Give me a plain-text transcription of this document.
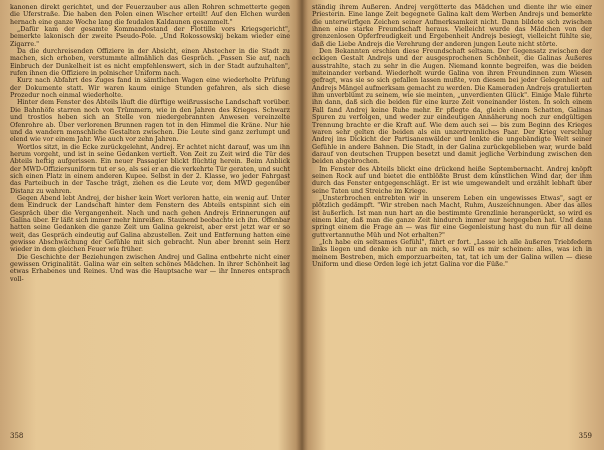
kanonen direkt gerichtet, und der Feuerzauber aus allen Rohren schmetterte gegen die Uferstraße. Die haben den Polen einen Wischer erteilt! Auf den Elchen wurden hernach eine ganze Woche lang die feudalen Kaldaunen gesammelt."

„Dafür kam der gesamte Kommandostand der Flottille vors Kriegsgericht", bemerkte lakonisch der zweite Pseudo-Pole. „Und Rokossowskij bekam wieder eine Zigarre."

Da die durchreisenden Offiziere in der Absicht, einen Abstecher in die Stadt zu machen, sich erhoben, verstummte allmählich das Gespräch. „Passen Sie auf, nach Einbruch der Dunkelheit ist es nicht empfehlenswert, sich in der Stadt aufzuhalten", rufen ihnen die Offiziere in polnischer Uniform nach.

Kurz nach Abfahrt des Zuges fand in sämtlichen Wagen eine wiederholte Prüfung der Dokumente statt. Wir waren kaum einige Stunden gefahren, als sich diese Prozedur noch einmal wiederholte.

Hinter dem Fenster des Abteils läuft die dürftige weißrussische Landschaft vorüber. Die Bahnhöfe starren noch von Trümmern, wie in den Jahren des Krieges. Schwarz und trostlos heben sich an Stelle von niedergebrannten Anwesen vereinzelte Ofenrohre ab. Über verlorenen Brunnen ragen tot in den Himmel die Kräne. Nur hie und da wandern menschliche Gestalten zwischen. Die Leute sind ganz zerlumpt und elend wie vor einem Jahr. Wie auch vor zehn Jahren.

Wortlos sitzt, in die Ecke zurückgelehnt, Andrej. Er achtet nicht darauf, was um ihn herum vorgeht, und ist in seine Gedanken vertieft. Von Zeit zu Zeit wird die Tür des Abteils heftig aufgerissen. Ein neuer Passagier blickt flüchtig herein. Beim Anblick der MWD-Offiziersuniform tut er so, als sei er an die verkehrte Tür geraten, und sucht sich einen Platz in einem anderen Kupee. Selbst in der 2. Klasse, wo jeder Fahrgast das Parteibuch in der Tasche trägt, ziehen es die Leute vor, dem MWD gegenüber Distanz zu wahren.

Gegen Abend lebt Andrej, der bisher kein Wort verloren hatte, ein wenig auf. Unter dem Eindruck der Landschaft hinter dem Fenstern des Abteils entspinnt sich ein Gespräch über die Vergangenheit. Nach und nach gehen Andrejs Erinnerungen auf Galina über. Er läßt sich immer mehr hinreißen. Staunend beobachte ich ihn. Offenbar hatten seine Gedanken die ganze Zeit um Galina gekreist, aber erst jetzt war er so weit, das Gespräch eindeutig auf Galina abzustellen. Zeit und Entfernung hatten eine gewisse Abschwächung der Gefühle mit sich gebracht. Nun aber brennt sein Herz wieder in dem gleichen Feuer wie früher.

Die Geschichte der Beziehungen zwischen Andrej und Galina entbehrte nicht einer gewissen Originalität. Galina war ein selten schönes Mädchen. In ihrer Schönheit lag etwas Erhabenes und Reines. Und was die Hauptsache war — ihr Inneres entsprach voll-

358

ständig ihrem Äußeren. Andrej vergötterte das Mädchen und diente ihr wie einer Priesterin. Eine lange Zeit begegnete Galina kalt dem Werben Andrejs und bemerkte die unterwürfigen Zeichen seiner Aufmerksamkeit nicht. Dann bildete sich zwischen ihnen eine starke Freundschaft heraus. Vielleicht wurde das Mädchen von der grenzenlosen Opferfreudigkeit und Ergebenheit Andrejs besiegt, vielleicht fühlte sie, daß die Liebe Andrejs die Verehrung der anderen jungen Leute nicht störte.

Den Bekannten erschien diese Freundschaft seltsam. Der Gegensatz zwischen der eckigen Gestalt Andrejs und der ausgesprochenen Schönheit, die Galinas Äußeres ausstrahlte, stach zu sehr in die Augen. Niemand konnte begreifen, was die beiden miteinander verband. Wiederholt wurde Galina von ihren Freundinnen zum Wiesen gefragt, was sie so sich gefallen lassen mußte, von diesem bei jeder Gelegenheit auf Andrejs Mängel aufmerksam gemacht zu werden. Die Kameraden Andrejs gratulierten ihm unverblümt zu seinem, wie sie meinten, „unverdienten Glück". Einige Male führte ihn dann, daß sich die beiden für eine kurze Zeit voneinander lösten. In solch einem Fall fand Andrej keine Ruhe mehr. Er pflegte da, gleich einem Schatten, Galinas Spuren zu verfolgen, und weder zur eindeutigen Annäherung noch zur endgültigen Trennung brachte er die Kraft auf. Wie dem auch sei — bis zum Beginn des Krieges waren sehr gelten die beiden als ein unzertrennliches Paar. Der Krieg verschlug Andrej ins Dickicht der Partisanenwälder und lenkte die ungebändigte Welt seiner Gefühle in andere Bahnen. Die Stadt, in der Galina zurückgeblieben war, wurde bald darauf von deutschen Truppen besetzt und damit jegliche Verbindung zwischen den beiden abgebrochen.

Im Fenster des Abteils blickt eine drückend heiße Septembernacht. Andrej knöpft seinen Rock auf und bietet die entblößte Brust dem künstlichen Wind dar, der ihm durch das Fenster entgegenschlägt. Er ist wie umgewandelt und erzählt lebhaft über seine Taten und Streiche im Kriege.

„Unsterbrochen entrebten wir in unserem Leben ein ungewisses Etwas", sagt er plötzlich gedämpft. "Wir streben nach Macht, Ruhm, Auszeichnungen. Aber das alles ist äußerlich. Ist man nun hart an die bestimmte Grenzlinie herangerückt, so wird es einem klar, daß man die ganze Zeit hindurch immer nur hergegeben hat. Und dann springt einem die Frage an — was für eine Gegenleistung hast du nun für all deine guttvertannuthe Müh und Not erhalten?"

„Ich habe ein seltsames Gefühl", fährt er fort. „Lasse ich alle äußeren Triebfedern links liegen und denke ich nur an mich, so will es mir scheinen: alles, was ich in meinem Bestreben, mich emporzuarbeiten, tat, tat ich um der Galina willen — diese Uniform und diese Orden lege ich jetzt Galina vor die Füße."

359
